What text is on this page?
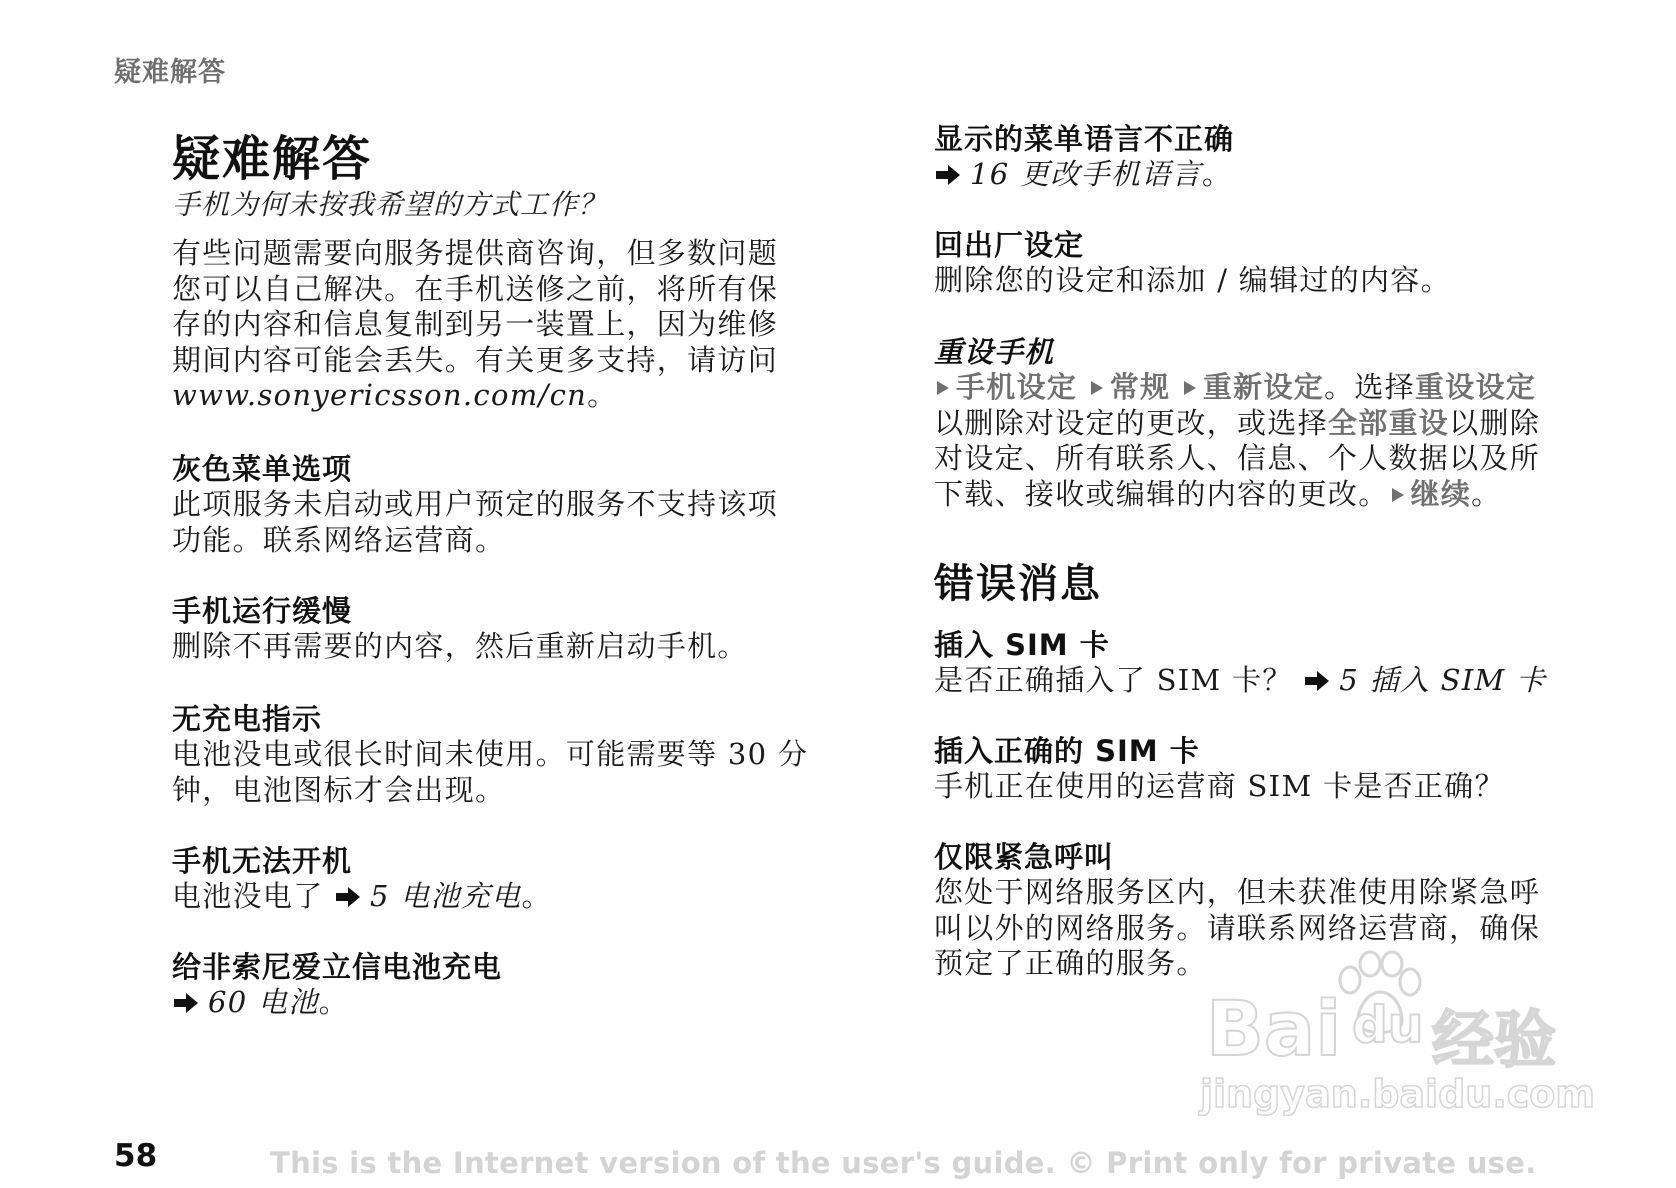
疑难解答
疑难解答
手机为何未按我希望的方式工作？
有些问题需要向服务提供商咨询，但多数问题
您可以自己解决。在手机送修之前，将所有保
存的内容和信息复制到另一装置上，因为维修
期间内容可能会丢失。有关更多支持，请访问
www.sonyericsson.com/cn。
灰色菜单选项
此项服务未启动或用户预定的服务不支持该项
功能。联系网络运营商。
手机运行缓慢
删除不再需要的内容，然后重新启动手机。
无充电指示
电池没电或很长时间未使用。可能需要等 30 分
钟，电池图标才会出现。
手机无法开机
电池没电了 5 电池充电。
给非索尼爱立信电池充电
60 电池。
显示的菜单语言不正确
16 更改手机语言。
回出厂设定
删除您的设定和添加 / 编辑过的内容。
重设手机
手机设定 常规 重新设定。选择重设设定
以删除对设定的更改，或选择全部重设以删除
对设定、所有联系人、信息、个人数据以及所
下载、接收或编辑的内容的更改。 继续。
错误消息
插入 SIM 卡
是否正确插入了 SIM 卡？ 5 插入 SIM 卡
插入正确的 SIM 卡
手机正在使用的运营商 SIM 卡是否正确？
仅限紧急呼叫
您处于网络服务区内，但未获准使用除紧急呼
叫以外的网络服务。请联系网络运营商，确保
预定了正确的服务。
Bai du 经验
jingyan.baidu.com
58	This is the Internet version of the user's guide. © Print only for private use.
